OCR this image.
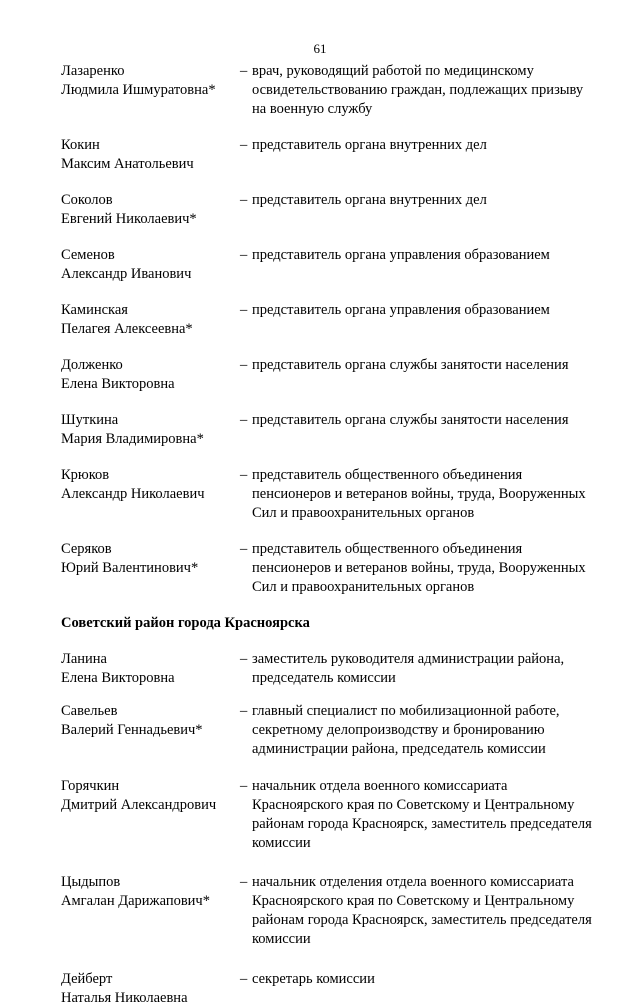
61
Лазаренко
Людмила Ишмуратовна*
– врач, руководящий работой по медицинскому
освидетельствованию граждан, подлежащих призыву
на военную службу
Кокин
Максим Анатольевич
– представитель органа внутренних дел
Соколов
Евгений Николаевич*
– представитель органа внутренних дел
Семенов
Александр Иванович
– представитель органа управления образованием
Каминская
Пелагея Алексеевна*
– представитель органа управления образованием
Долженко
Елена Викторовна
– представитель органа службы занятости населения
Шуткина
Мария Владимировна*
– представитель органа службы занятости населения
Крюков
Александр Николаевич
– представитель общественного объединения
пенсионеров и ветеранов войны, труда, Вооруженных
Сил и правоохранительных органов
Серяков
Юрий Валентинович*
– представитель общественного объединения
пенсионеров и ветеранов войны, труда, Вооруженных
Сил и правоохранительных органов
Советский район города Красноярска
Ланина
Елена Викторовна
– заместитель руководителя администрации района,
председатель комиссии
Савельев
Валерий Геннадьевич*
– главный специалист по мобилизационной работе,
секретному делопроизводству и бронированию
администрации района, председатель комиссии
Горячкин
Дмитрий Александрович
– начальник отдела военного комиссариата
Красноярского края по Советскому и Центральному
районам города Красноярск, заместитель председателя
комиссии
Цыдыпов
Амгалан Дарижапович*
– начальник отделения отдела военного комиссариата
Красноярского края по Советскому и Центральному
районам города Красноярск, заместитель председателя
комиссии
Дейберт
Наталья Николаевна
– секретарь комиссии
